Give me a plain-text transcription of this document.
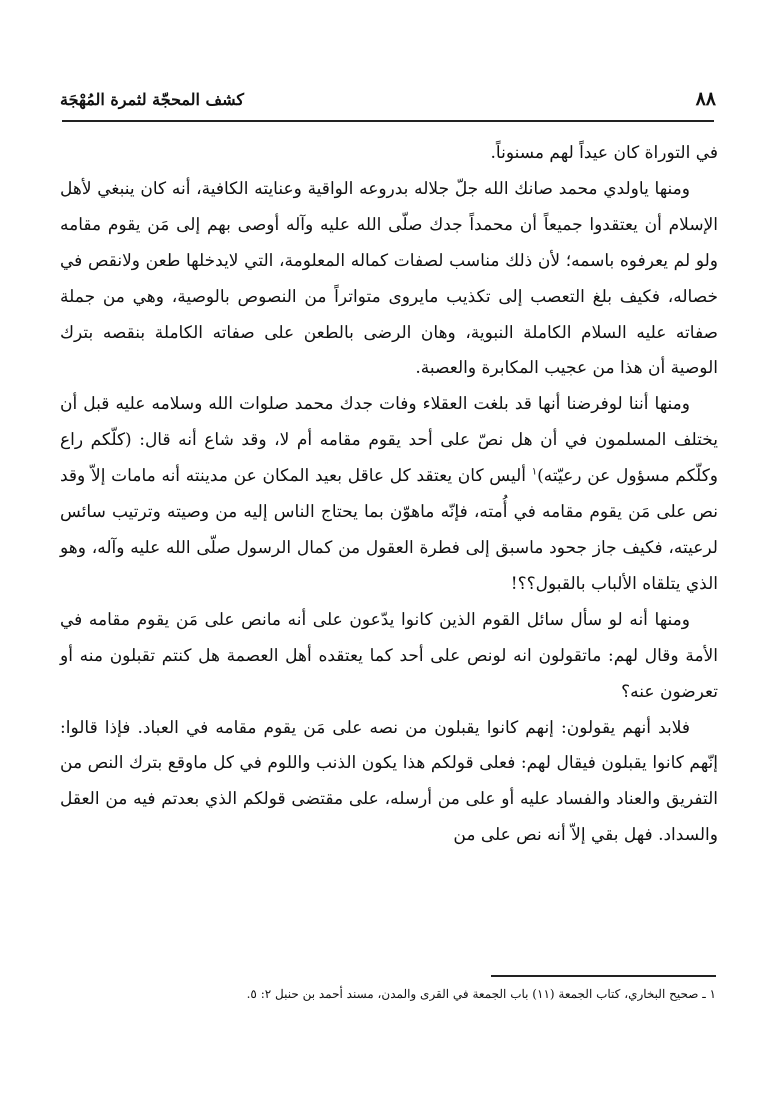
٨٨
كشف المحجّة لثمرة المُهْجَة

في التوراة كان عيداً لهم مسنوناً.

ومنها ياولدي محمد صانك الله جلّ جلاله بدروعه الواقية وعنايته الكافية، أنه كان ينبغي لأهل الإسلام أن يعتقدوا جميعاً أن محمداً جدك صلّى الله عليه وآله أوصى بهم إلى مَن يقوم مقامه ولو لم يعرفوه باسمه؛ لأن ذلك مناسب لصفات كماله المعلومة، التي لايدخلها طعن ولانقص في خصاله، فكيف بلغ التعصب إلى تكذيب مايروى متواتراً من النصوص بالوصية، وهي من جملة صفاته عليه السلام الكاملة النبوية، وهان الرضى بالطعن على صفاته الكاملة بنقصه بترك الوصية أن هذا من عجيب المكابرة والعصبة.

ومنها أننا لوفرضنا أنها قد بلغت العقلاء وفات جدك محمد صلوات الله وسلامه عليه قبل أن يختلف المسلمون في أن هل نصّ على أحد يقوم مقامه أم لا، وقد شاع أنه قال: (كلّكم راع وكلّكم مسؤول عن رعيّته)$^١$ أليس كان يعتقد كل عاقل بعيد المكان عن مدينته أنه مامات إلاّ وقد نص على مَن يقوم مقامه في أُمته، فإنّه ماهوّن بما يحتاج الناس إليه من وصيته وترتيب سائس لرعيته، فكيف جاز جحود ماسبق إلى فطرة العقول من كمال الرسول صلّى الله عليه وآله، وهو الذي يتلقاه الألباب بالقبول؟؟!

ومنها أنه لو سأل سائل القوم الذين كانوا يدّعون على أنه مانص على مَن يقوم مقامه في الأمة وقال لهم: ماتقولون انه لونص على أحد كما يعتقده أهل العصمة هل كنتم تقبلون منه أو تعرضون عنه؟

فلابد أنهم يقولون: إنهم كانوا يقبلون من نصه على مَن يقوم مقامه في العباد. فإذا قالوا: إنّهم كانوا يقبلون فيقال لهم: فعلى قولكم هذا يكون الذنب واللوم في كل ماوقع بترك النص من التفريق والعناد والفساد عليه أو على من أرسله، على مقتضى قولكم الذي بعدتم فيه من العقل والسداد. فهل بقي إلاّ أنه نص على من

١ ـ صحيح البخاري، كتاب الجمعة (١١) باب الجمعة في القرى والمدن، مسند أحمد بن حنبل ٢: ٥.
